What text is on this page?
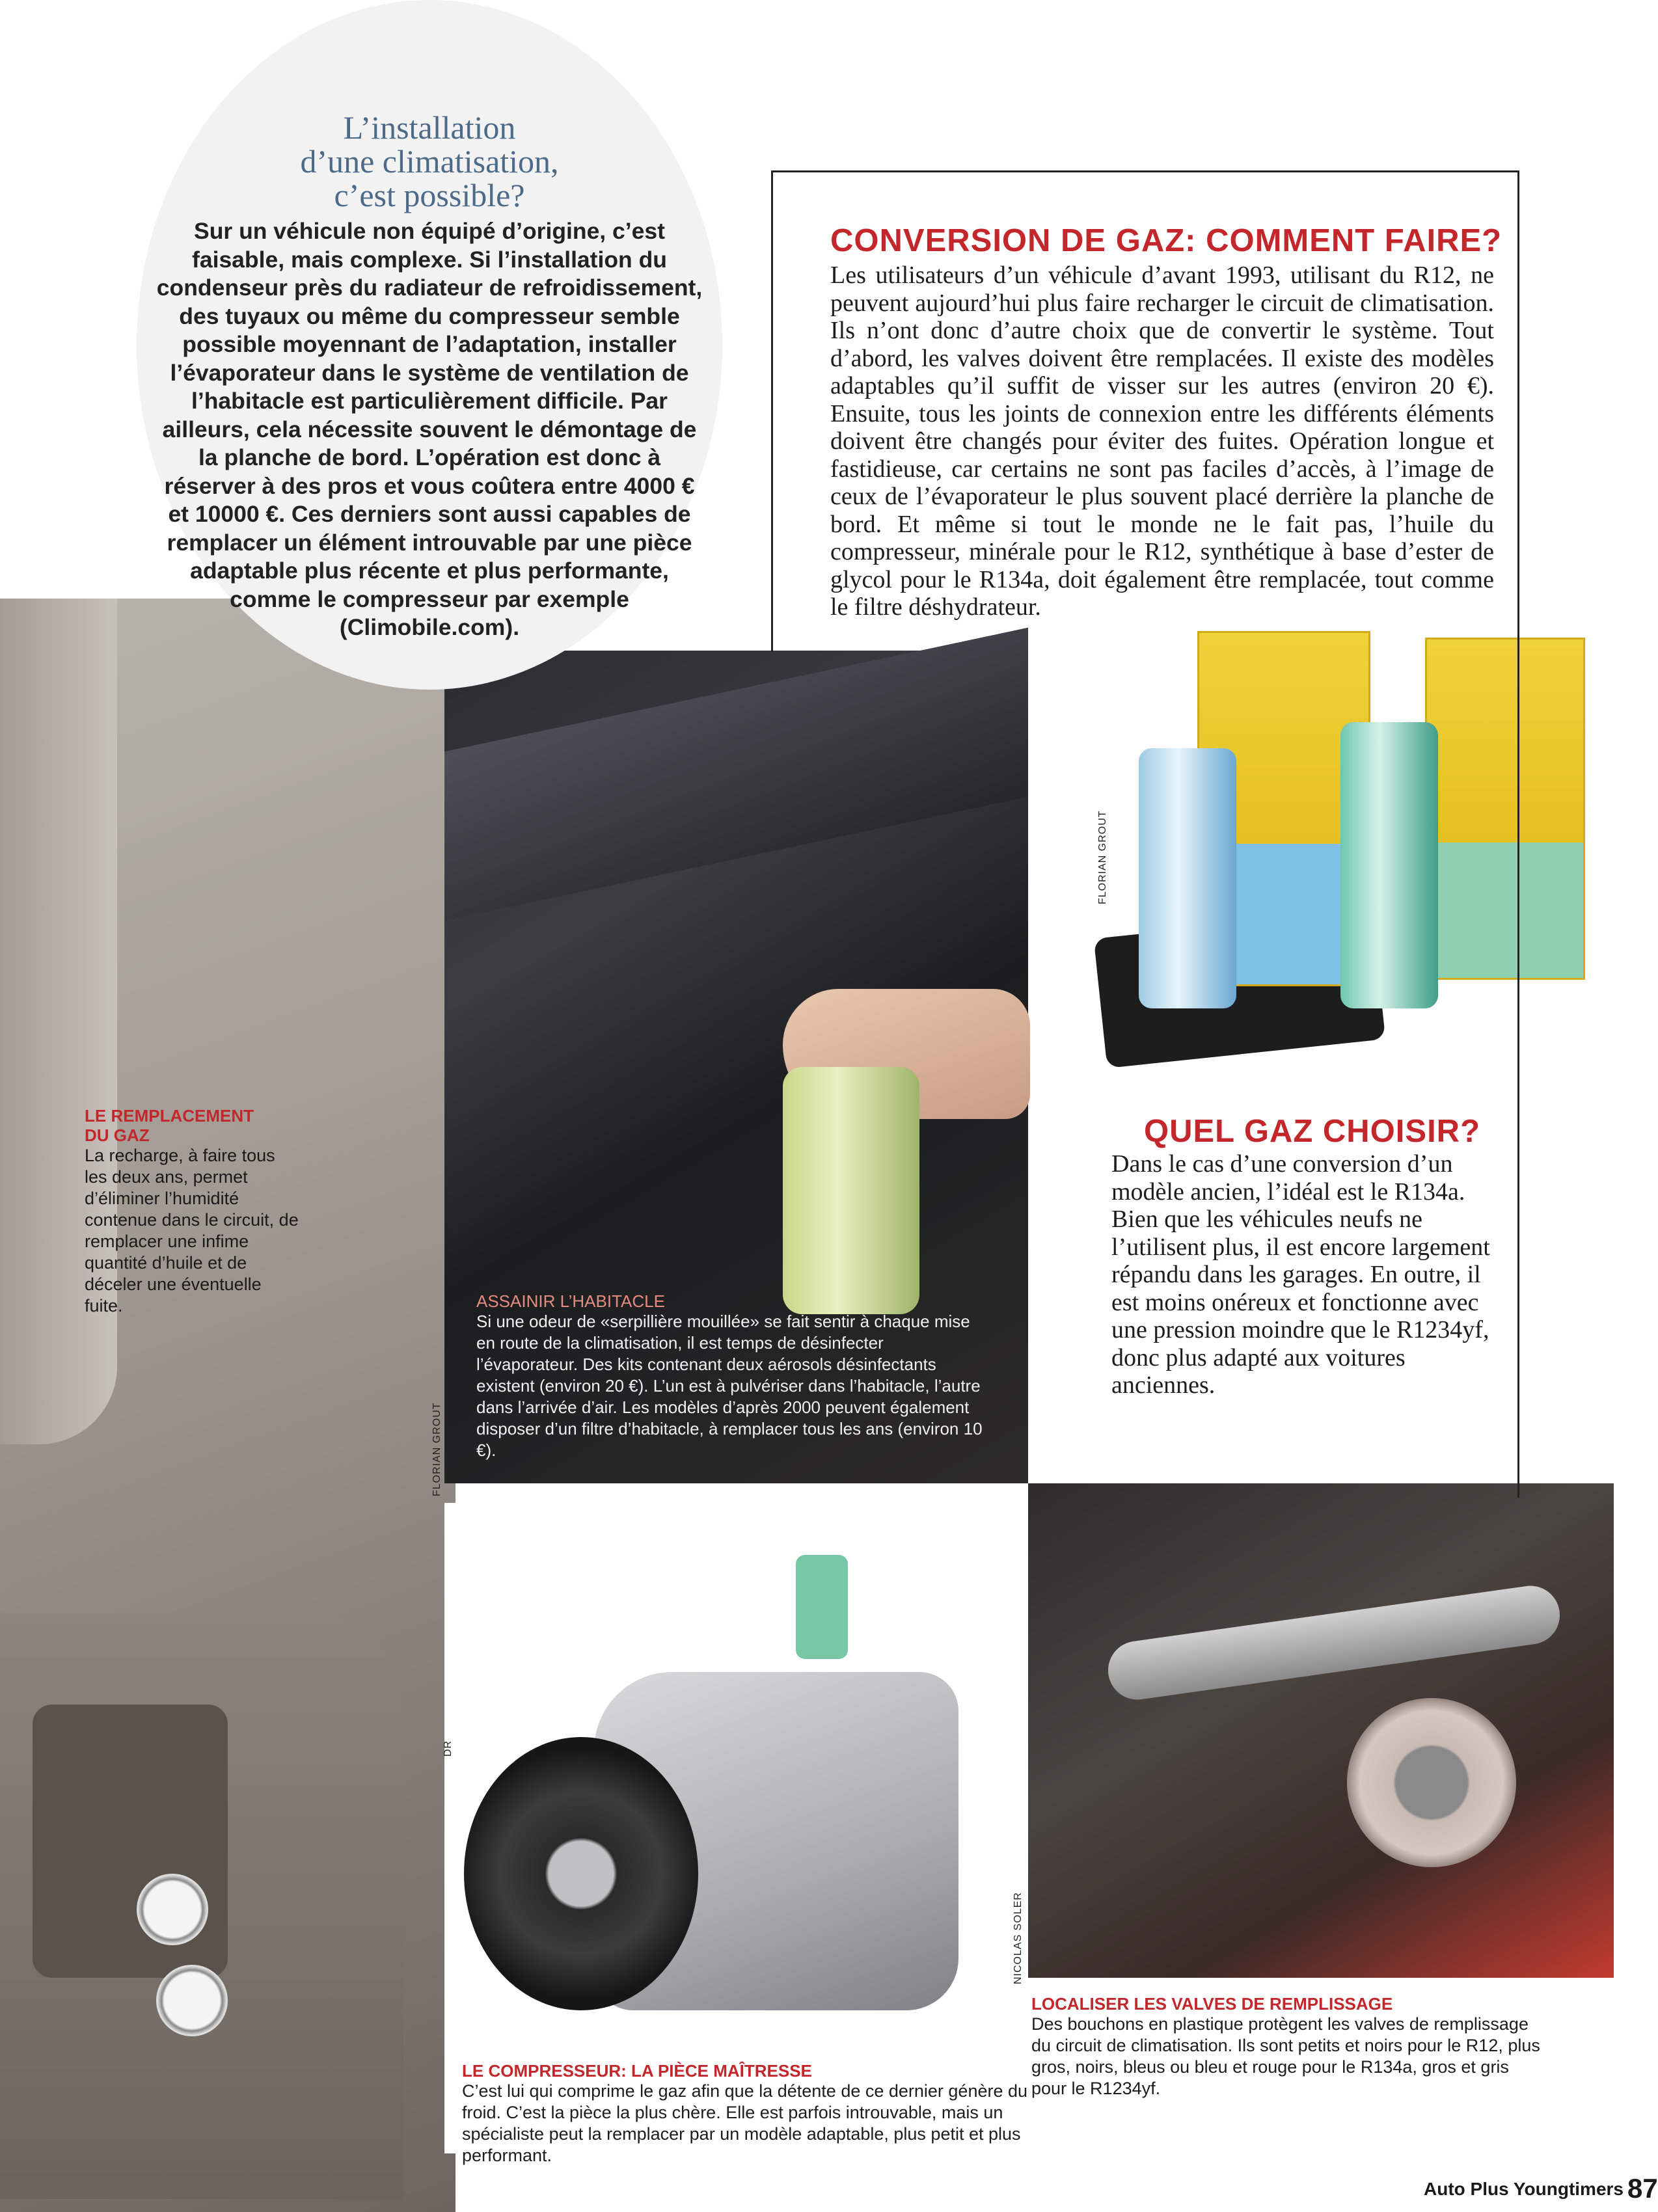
L’installation
d’une climatisation,
c’est possible?
Sur un véhicule non équipé d’origine, c’est faisable, mais complexe. Si l’installation du condenseur près du radiateur de refroidissement, des tuyaux ou même du compresseur semble possible moyennant de l’adaptation, installer l’évaporateur dans le système de ventilation de l’habitacle est particulièrement difficile. Par ailleurs, cela nécessite souvent le démontage de la planche de bord. L’opération est donc à réserver à des pros et vous coûtera entre 4000 € et 10000 €. Ces derniers sont aussi capables de remplacer un élément introuvable par une pièce adaptable plus récente et plus performante, comme le compresseur par exemple (Climobile.com).
CONVERSION DE GAZ: COMMENT FAIRE?
Les utilisateurs d’un véhicule d’avant 1993, utilisant du R12, ne peuvent aujourd’hui plus faire recharger le circuit de climatisation. Ils n’ont donc d’autre choix que de convertir le système. Tout d’abord, les valves doivent être remplacées. Il existe des modèles adaptables qu’il suffit de visser sur les autres (environ 20 €). Ensuite, tous les joints de connexion entre les différents éléments doivent être changés pour éviter des fuites. Opération longue et fastidieuse, car certains ne sont pas faciles d’accès, à l’image de ceux de l’évaporateur le plus souvent placé derrière la planche de bord. Et même si tout le monde ne le fait pas, l’huile du compresseur, minérale pour le R12, synthétique à base d’ester de glycol pour le R134a, doit également être remplacée, tout comme le filtre déshydrateur.
QUEL GAZ CHOISIR?
Dans le cas d’une conversion d’un modèle ancien, l’idéal est le R134a. Bien que les véhicules neufs ne l’utilisent plus, il est encore largement répandu dans les garages. En outre, il est moins onéreux et fonctionne avec une pression moindre que le R1234yf, donc plus adapté aux voitures anciennes.
LE REMPLACEMENT
DU GAZ
La recharge, à faire tous les deux ans, permet d’éliminer l’humidité contenue dans le circuit, de remplacer une infime quantité d’huile et de déceler une éventuelle fuite.	ASSAINIR L’HABITACLE
Si une odeur de «serpillière mouillée» se fait sentir à chaque mise en route de la climatisation, il est temps de désinfecter l’évaporateur. Des kits contenant deux aérosols désinfectants existent (environ 20 €). L’un est à pulvériser dans l’habitacle, l’autre dans l’arrivée d’air. Les modèles d’après 2000 peuvent également disposer d’un filtre d’habitacle, à remplacer tous les ans (environ 10 €).
LE COMPRESSEUR: LA PIÈCE MAÎTRESSE
C’est lui qui comprime le gaz afin que la détente de ce dernier génère du froid. C’est la pièce la plus chère. Elle est parfois introuvable, mais un spécialiste peut la remplacer par un modèle adaptable, plus petit et plus performant.
LOCALISER LES VALVES DE REMPLISSAGE
Des bouchons en plastique protègent les valves de remplissage du circuit de climatisation. Ils sont petits et noirs pour le R12, plus gros, noirs, bleus ou bleu et rouge pour le R134a, gros et gris pour le R1234yf.
FLORIAN GROUT
FLORIAN GROUT
DR
NICOLAS SOLER
Auto Plus Youngtimers 87
